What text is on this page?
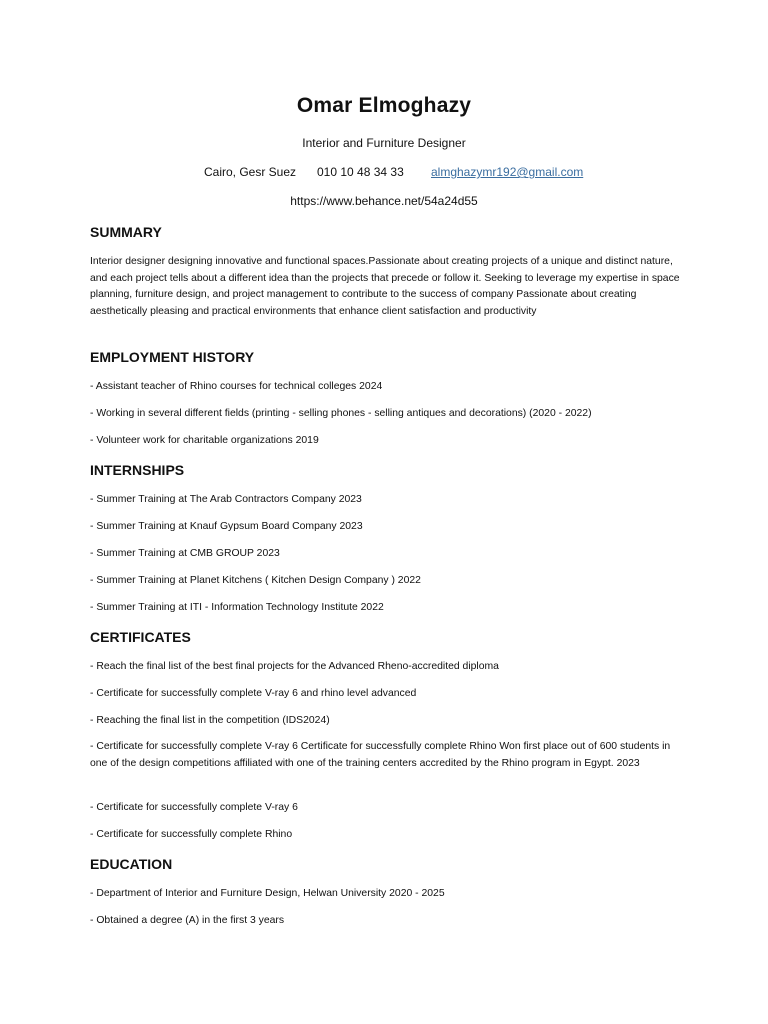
Omar Elmoghazy
Interior and Furniture Designer
Cairo, Gesr Suez 010 10 48 34 33 almghazymr192@gmail.com
https://www.behance.net/54a24d55
SUMMARY
Interior designer designing innovative and functional spaces.Passionate about creating projects of a unique and distinct nature, and each project tells about a different idea than the projects that precede or follow it. Seeking to leverage my expertise in space planning, furniture design, and project management to contribute to the success of company Passionate about creating aesthetically pleasing and practical environments that enhance client satisfaction and productivity
EMPLOYMENT HISTORY
- Assistant teacher of Rhino courses for technical colleges 2024
- Working in several different fields (printing - selling phones - selling antiques and decorations) (2020 - 2022)
- Volunteer work for charitable organizations 2019
INTERNSHIPS
- Summer Training at The Arab Contractors Company 2023
- Summer Training at Knauf Gypsum Board Company 2023
- Summer Training at CMB GROUP 2023
- Summer Training at Planet Kitchens ( Kitchen Design Company ) 2022
- Summer Training at ITI - Information Technology Institute 2022
CERTIFICATES
- Reach the final list of the best final projects for the Advanced Rheno-accredited diploma
- Certificate for successfully complete V-ray 6 and rhino level advanced
- Reaching the final list in the competition (IDS2024)
- Certificate for successfully complete V-ray 6 Certificate for successfully complete Rhino Won first place out of 600 students in one of the design competitions affiliated with one of the training centers accredited by the Rhino program in Egypt. 2023
- Certificate for successfully complete V-ray 6
- Certificate for successfully complete Rhino
EDUCATION
- Department of Interior and Furniture Design, Helwan University 2020 - 2025
- Obtained a degree (A) in the first 3 years
